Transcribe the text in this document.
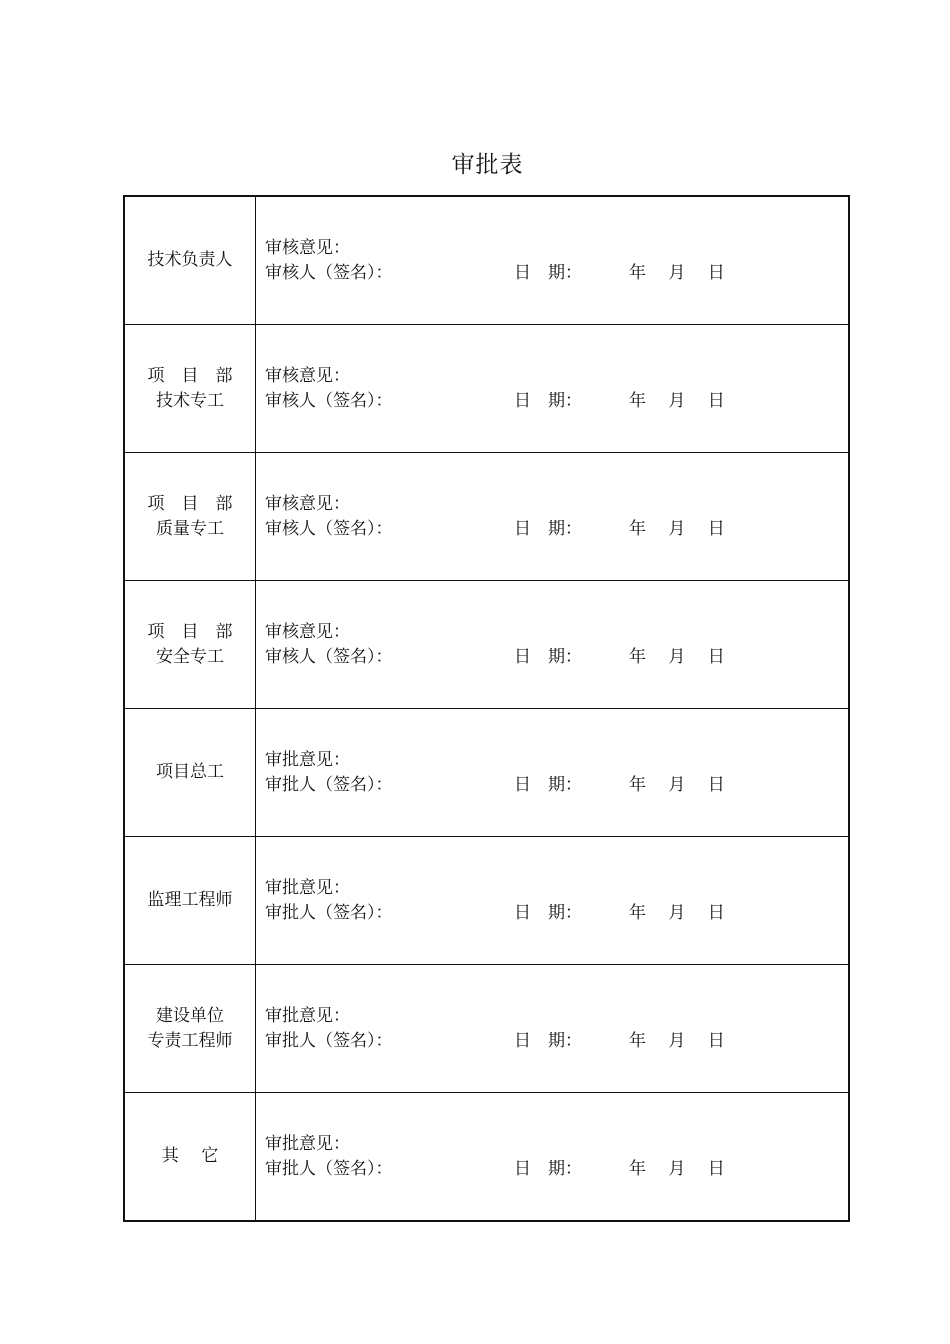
审批表
技术负责人	审核意见：
审核人（签名）： 日　期： 年　 月　 日

项　目　部
技术专工	审核意见：
审核人（签名）： 日　期： 年　 月　 日

项　目　部
质量专工	审核意见：
审核人（签名）： 日　期： 年　 月　 日

项　目　部
安全专工	审核意见：
审核人（签名）： 日　期： 年　 月　 日

项目总工	审批意见：
审批人（签名）： 日　期： 年　 月　 日

监理工程师	审批意见：
审批人（签名）： 日　期： 年　 月　 日

建设单位
专责工程师	审批意见：
审批人（签名）： 日　期： 年　 月　 日

其　 它	审批意见：
审批人（签名）： 日　期： 年　 月　 日
